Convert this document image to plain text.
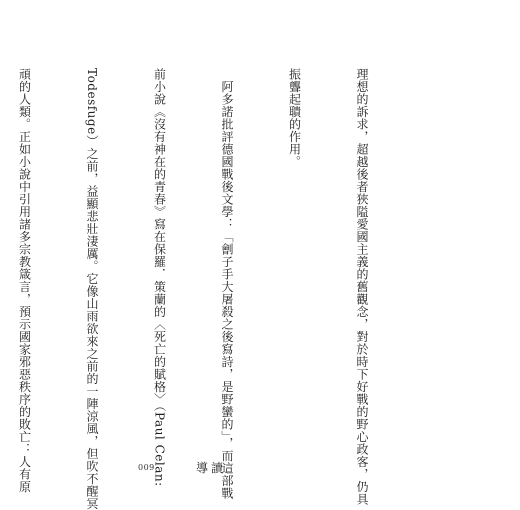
理想的訴求，超越後者狹隘愛國主義的舊觀念，對於時下好戰的野心政客，仍具

振聾起聵的作用。

　阿多諾批評德國戰後文學：「劊子手大屠殺之後寫詩，是野蠻的」，而這部戰

前小說《沒有神在的青春》寫在保羅．策蘭的〈死亡的賦格〉（Paul Celan:

Todesfuge）之前，益顯悲壯淒厲。它像山雨欲來之前的一陣涼風，但吹不醒冥

頑的人類。正如小說中引用諸多宗教箴言，預示國家邪惡秩序的敗亡：人有原

	009	導讀
